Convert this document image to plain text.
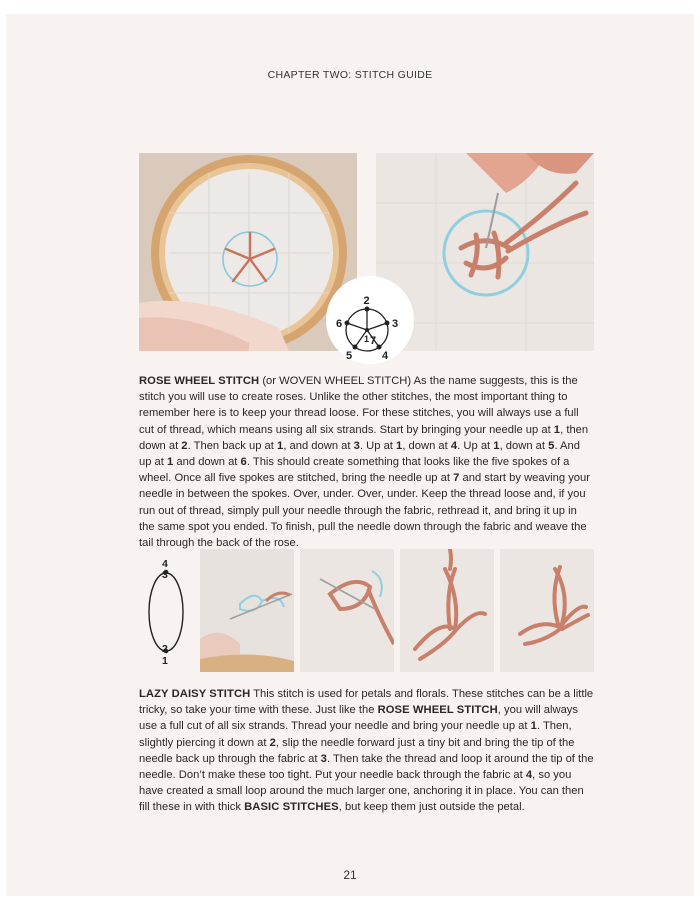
CHAPTER TWO: STITCH GUIDE
2
3
4
5
6
1 7
ROSE WHEEL STITCH (or WOVEN WHEEL STITCH) As the name suggests, this is the stitch you will use to create roses. Unlike the other stitches, the most important thing to remember here is to keep your thread loose. For these stitches, you will always use a full cut of thread, which means using all six strands. Start by bringing your needle up at 1, then down at 2. Then back up at 1, and down at 3. Up at 1, down at 4. Up at 1, down at 5. And up at 1 and down at 6. This should create something that looks like the five spokes of a wheel. Once all five spokes are stitched, bring the needle up at 7 and start by weaving your needle in between the spokes. Over, under. Over, under. Keep the thread loose and, if you run out of thread, simply pull your needle through the fabric, rethread it, and bring it up in the same spot you ended. To finish, pull the needle down through the fabric and weave the tail through the back of the rose.
4
3
2
1
LAZY DAISY STITCH This stitch is used for petals and florals. These stitches can be a little tricky, so take your time with these. Just like the ROSE WHEEL STITCH, you will always use a full cut of all six strands. Thread your needle and bring your needle up at 1. Then, slightly piercing it down at 2, slip the needle forward just a tiny bit and bring the tip of the needle back up through the fabric at 3. Then take the thread and loop it around the tip of the needle. Don’t make these too tight. Put your needle back through the fabric at 4, so you have created a small loop around the much larger one, anchoring it in place. You can then fill these in with thick BASIC STITCHES, but keep them just outside the petal.
21
